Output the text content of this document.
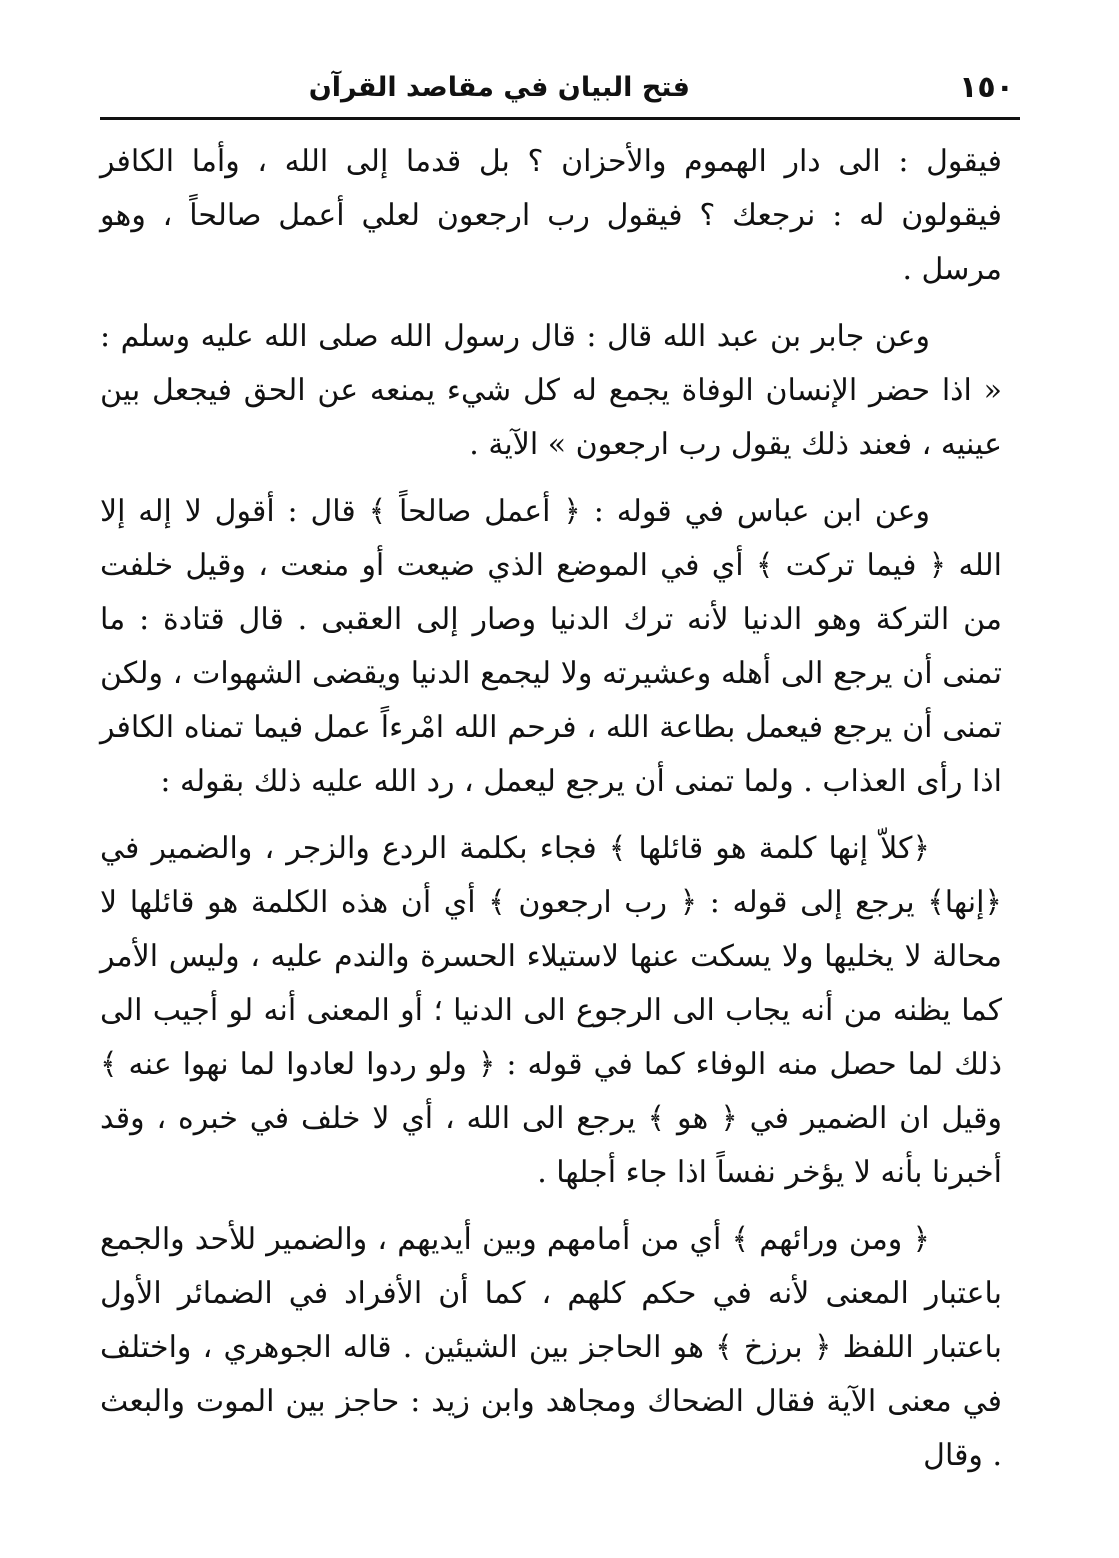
١٥٠
فتح البيان في مقاصد القرآن

فيقول : الى دار الهموم والأحزان ؟ بل قدما إلى الله ، وأما الكافر فيقولون له : نرجعك ؟ فيقول رب ارجعون لعلي أعمل صالحاً ، وهو مرسل .

وعن جابر بن عبد الله قال : قال رسول الله صلى الله عليه وسلم : « اذا حضر الإنسان الوفاة يجمع له كل شيء يمنعه عن الحق فيجعل بين عينيه ، فعند ذلك يقول رب ارجعون » الآية .

وعن ابن عباس في قوله : ﴿ أعمل صالحاً ﴾ قال : أقول لا إله إلا الله ﴿ فيما تركت ﴾ أي في الموضع الذي ضيعت أو منعت ، وقيل خلفت من التركة وهو الدنيا لأنه ترك الدنيا وصار إلى العقبى . قال قتادة : ما تمنى أن يرجع الى أهله وعشيرته ولا ليجمع الدنيا ويقضى الشهوات ، ولكن تمنى أن يرجع فيعمل بطاعة الله ، فرحم الله امْرءاً عمل فيما تمناه الكافر اذا رأى العذاب . ولما تمنى أن يرجع ليعمل ، رد الله عليه ذلك بقوله :

﴿كلاّ إنها كلمة هو قائلها ﴾ فجاء بكلمة الردع والزجر ، والضمير في ﴿إنها﴾ يرجع إلى قوله : ﴿ رب ارجعون ﴾ أي أن هذه الكلمة هو قائلها لا محالة لا يخليها ولا يسكت عنها لاستيلاء الحسرة والندم عليه ، وليس الأمر كما يظنه من أنه يجاب الى الرجوع الى الدنيا ؛ أو المعنى أنه لو أجيب الى ذلك لما حصل منه الوفاء كما في قوله : ﴿ ولو ردوا لعادوا لما نهوا عنه ﴾ وقيل ان الضمير في ﴿ هو ﴾ يرجع الى الله ، أي لا خلف في خبره ، وقد أخبرنا بأنه لا يؤخر نفساً اذا جاء أجلها .

﴿ ومن ورائهم ﴾ أي من أمامهم وبين أيديهم ، والضمير للأحد والجمع باعتبار المعنى لأنه في حكم كلهم ، كما أن الأفراد في الضمائر الأول باعتبار اللفظ ﴿ برزخ ﴾ هو الحاجز بين الشيئين . قاله الجوهري ، واختلف في معنى الآية فقال الضحاك ومجاهد وابن زيد : حاجز بين الموت والبعث . وقال
